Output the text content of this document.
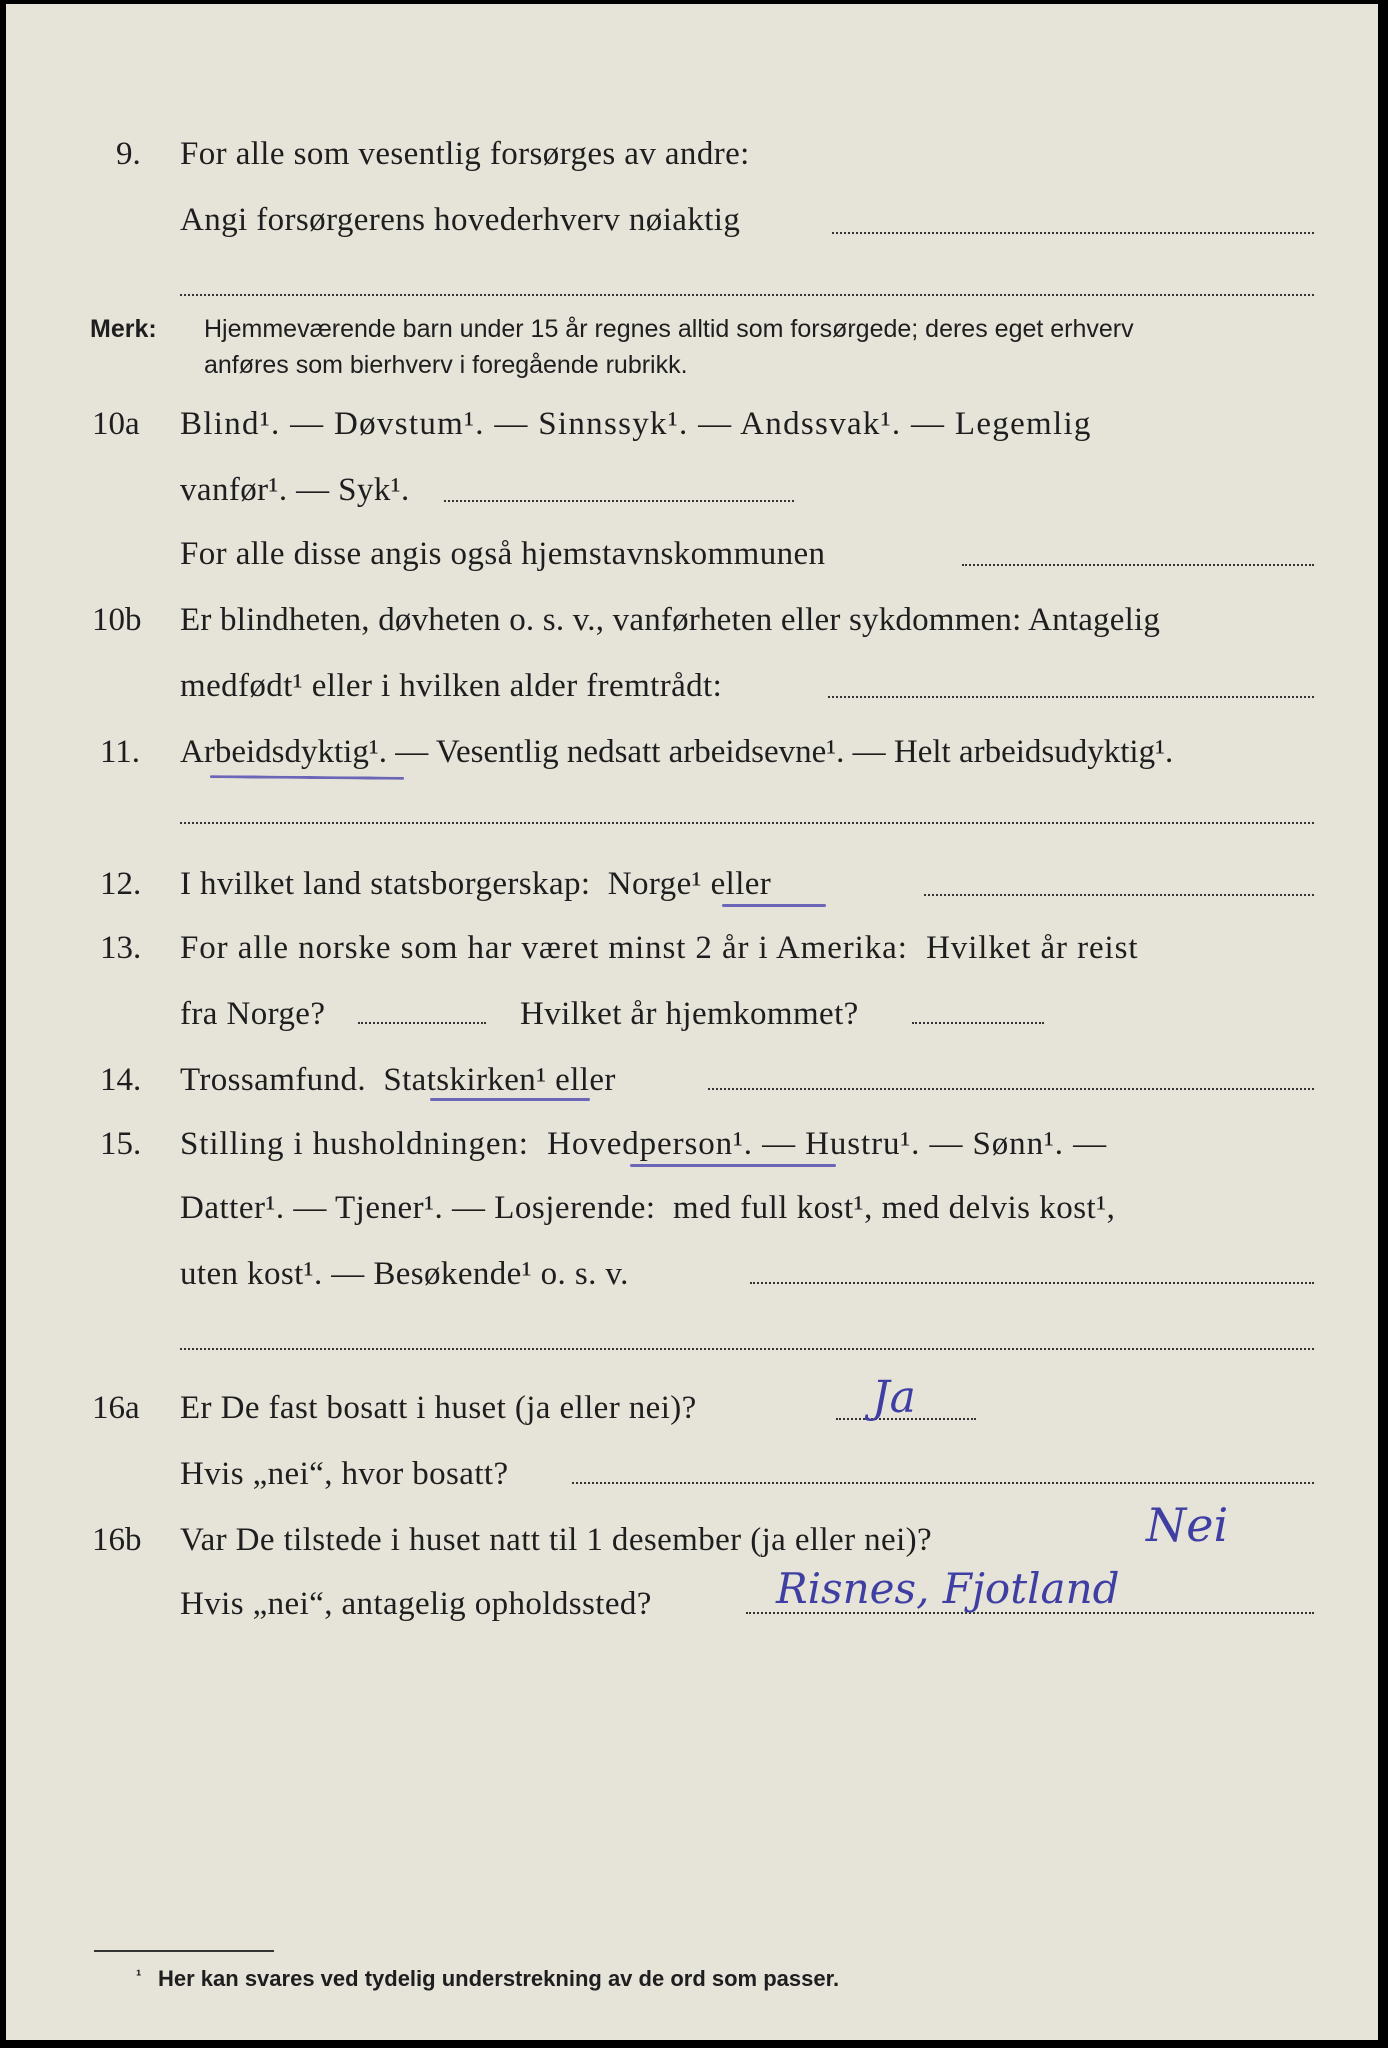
9. For alle som vesentlig forsørges av andre:
Angi forsørgerens hovederhverv nøiaktig
Merk: Hjemmeværende barn under 15 år regnes alltid som forsørgede; deres eget erhverv
anføres som bierhverv i foregående rubrikk.
10a Blind¹. — Døvstum¹. — Sinnssyk¹. — Andssvak¹. — Legemlig
vanfør¹. — Syk¹.
For alle disse angis også hjemstavnskommunen
10b Er blindheten, døvheten o. s. v., vanførheten eller sykdommen: Antagelig
medfødt¹ eller i hvilken alder fremtrådt:
11. Arbeidsdyktig¹. — Vesentlig nedsatt arbeidsevne¹. — Helt arbeidsudyktig¹.
12. I hvilket land statsborgerskap:  Norge¹ eller
13. For alle norske som har været minst 2 år i Amerika:  Hvilket år reist
fra Norge?	Hvilket år hjemkommet?
14. Trossamfund.  Statskirken¹ eller
15. Stilling i husholdningen:  Hovedperson¹. — Hustru¹. — Sønn¹. —
Datter¹. — Tjener¹. — Losjerende:  med full kost¹, med delvis kost¹,
uten kost¹. — Besøkende¹ o. s. v.
16a Er De fast bosatt i huset (ja eller nei)?	Ja
Hvis „nei“, hvor bosatt?
16b Var De tilstede i huset natt til 1 desember (ja eller nei)?	Nei
Hvis „nei“, antagelig opholdssted?	Risnes, Fjotland
¹ Her kan svares ved tydelig understrekning av de ord som passer.
